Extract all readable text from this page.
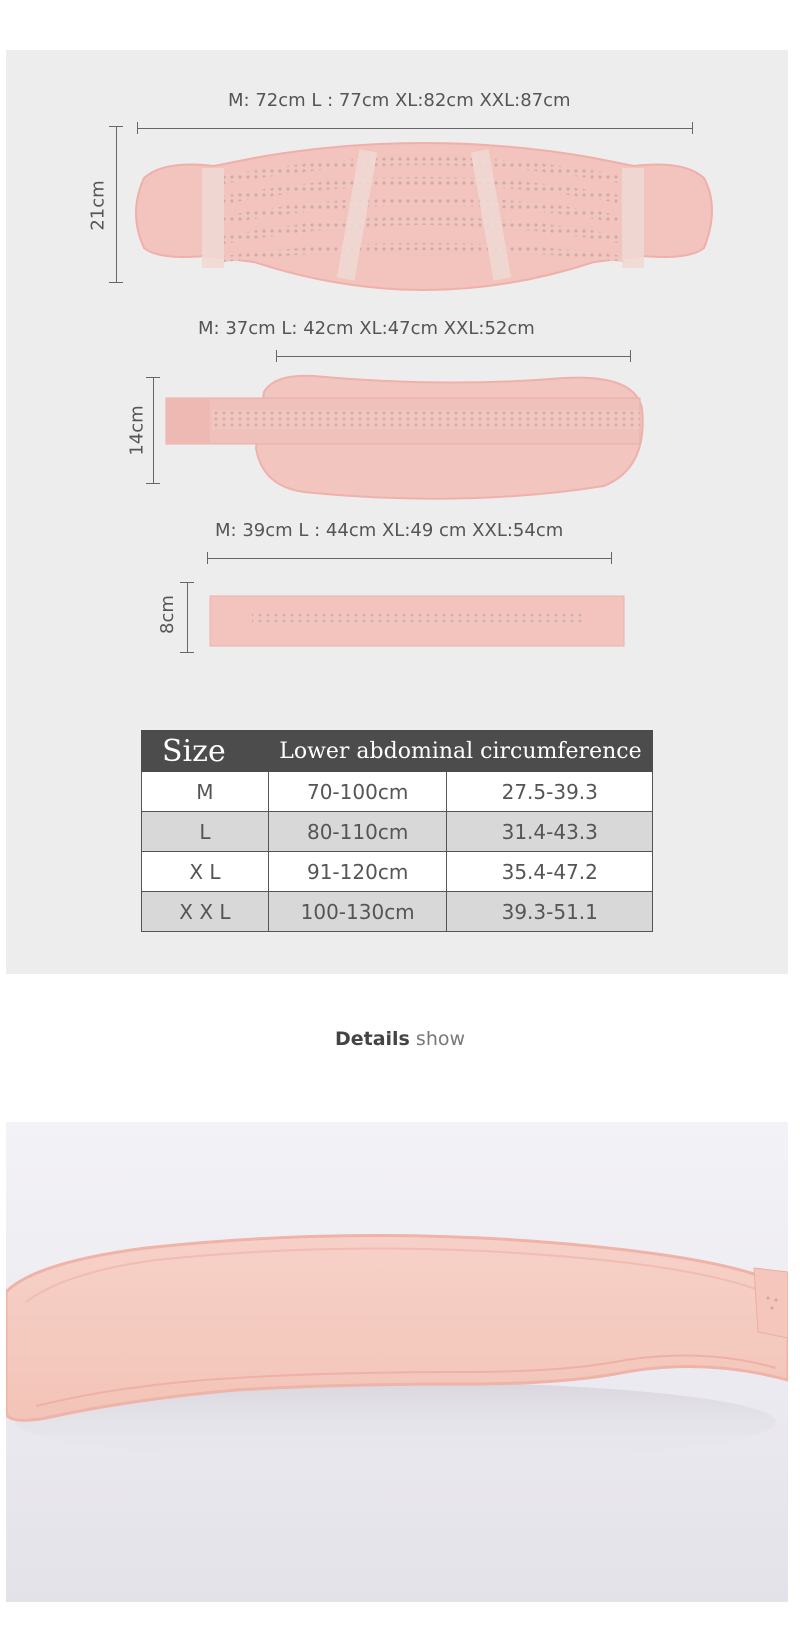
M: 72cm L : 77cm XL:82cm XXL:87cm
21cm
M: 37cm L: 42cm XL:47cm XXL:52cm
14cm
M: 39cm L : 44cm XL:49 cm XXL:54cm
8cm
Size	Lower abdominal circumference	
M	70-100cm	27.5-39.3
L	80-110cm	31.4-43.3
X L	91-120cm	35.4-47.2
X X L	100-130cm	39.3-51.1
Details show
